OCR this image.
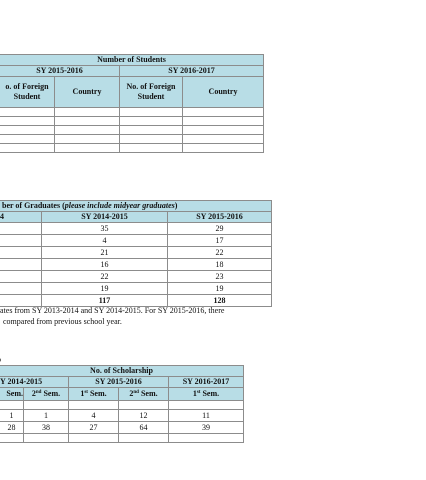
Number of Students			
SY 2015-2016		SY 2016-2017	
o. of Foreign Student	Country	No. of Foreign Student	Country

ber of Graduates (please include midyear graduates)		
4	SY 2014-2015	SY 2015-2016
	35	29
	4	17
	21	22
	16	18
	22	23
	19	19
	117	128
ates from SY 2013-2014 and SY 2014-2015. For SY 2015-2016, there
compared from previous school year.
No. of Scholarship				
Y 2014-2015		SY 2015-2016		SY 2016-2017
Sem.	2nd Sem.	1st Sem.	2nd Sem.	1st Sem.

1	1	4	12	11
28	38	27	64	39
